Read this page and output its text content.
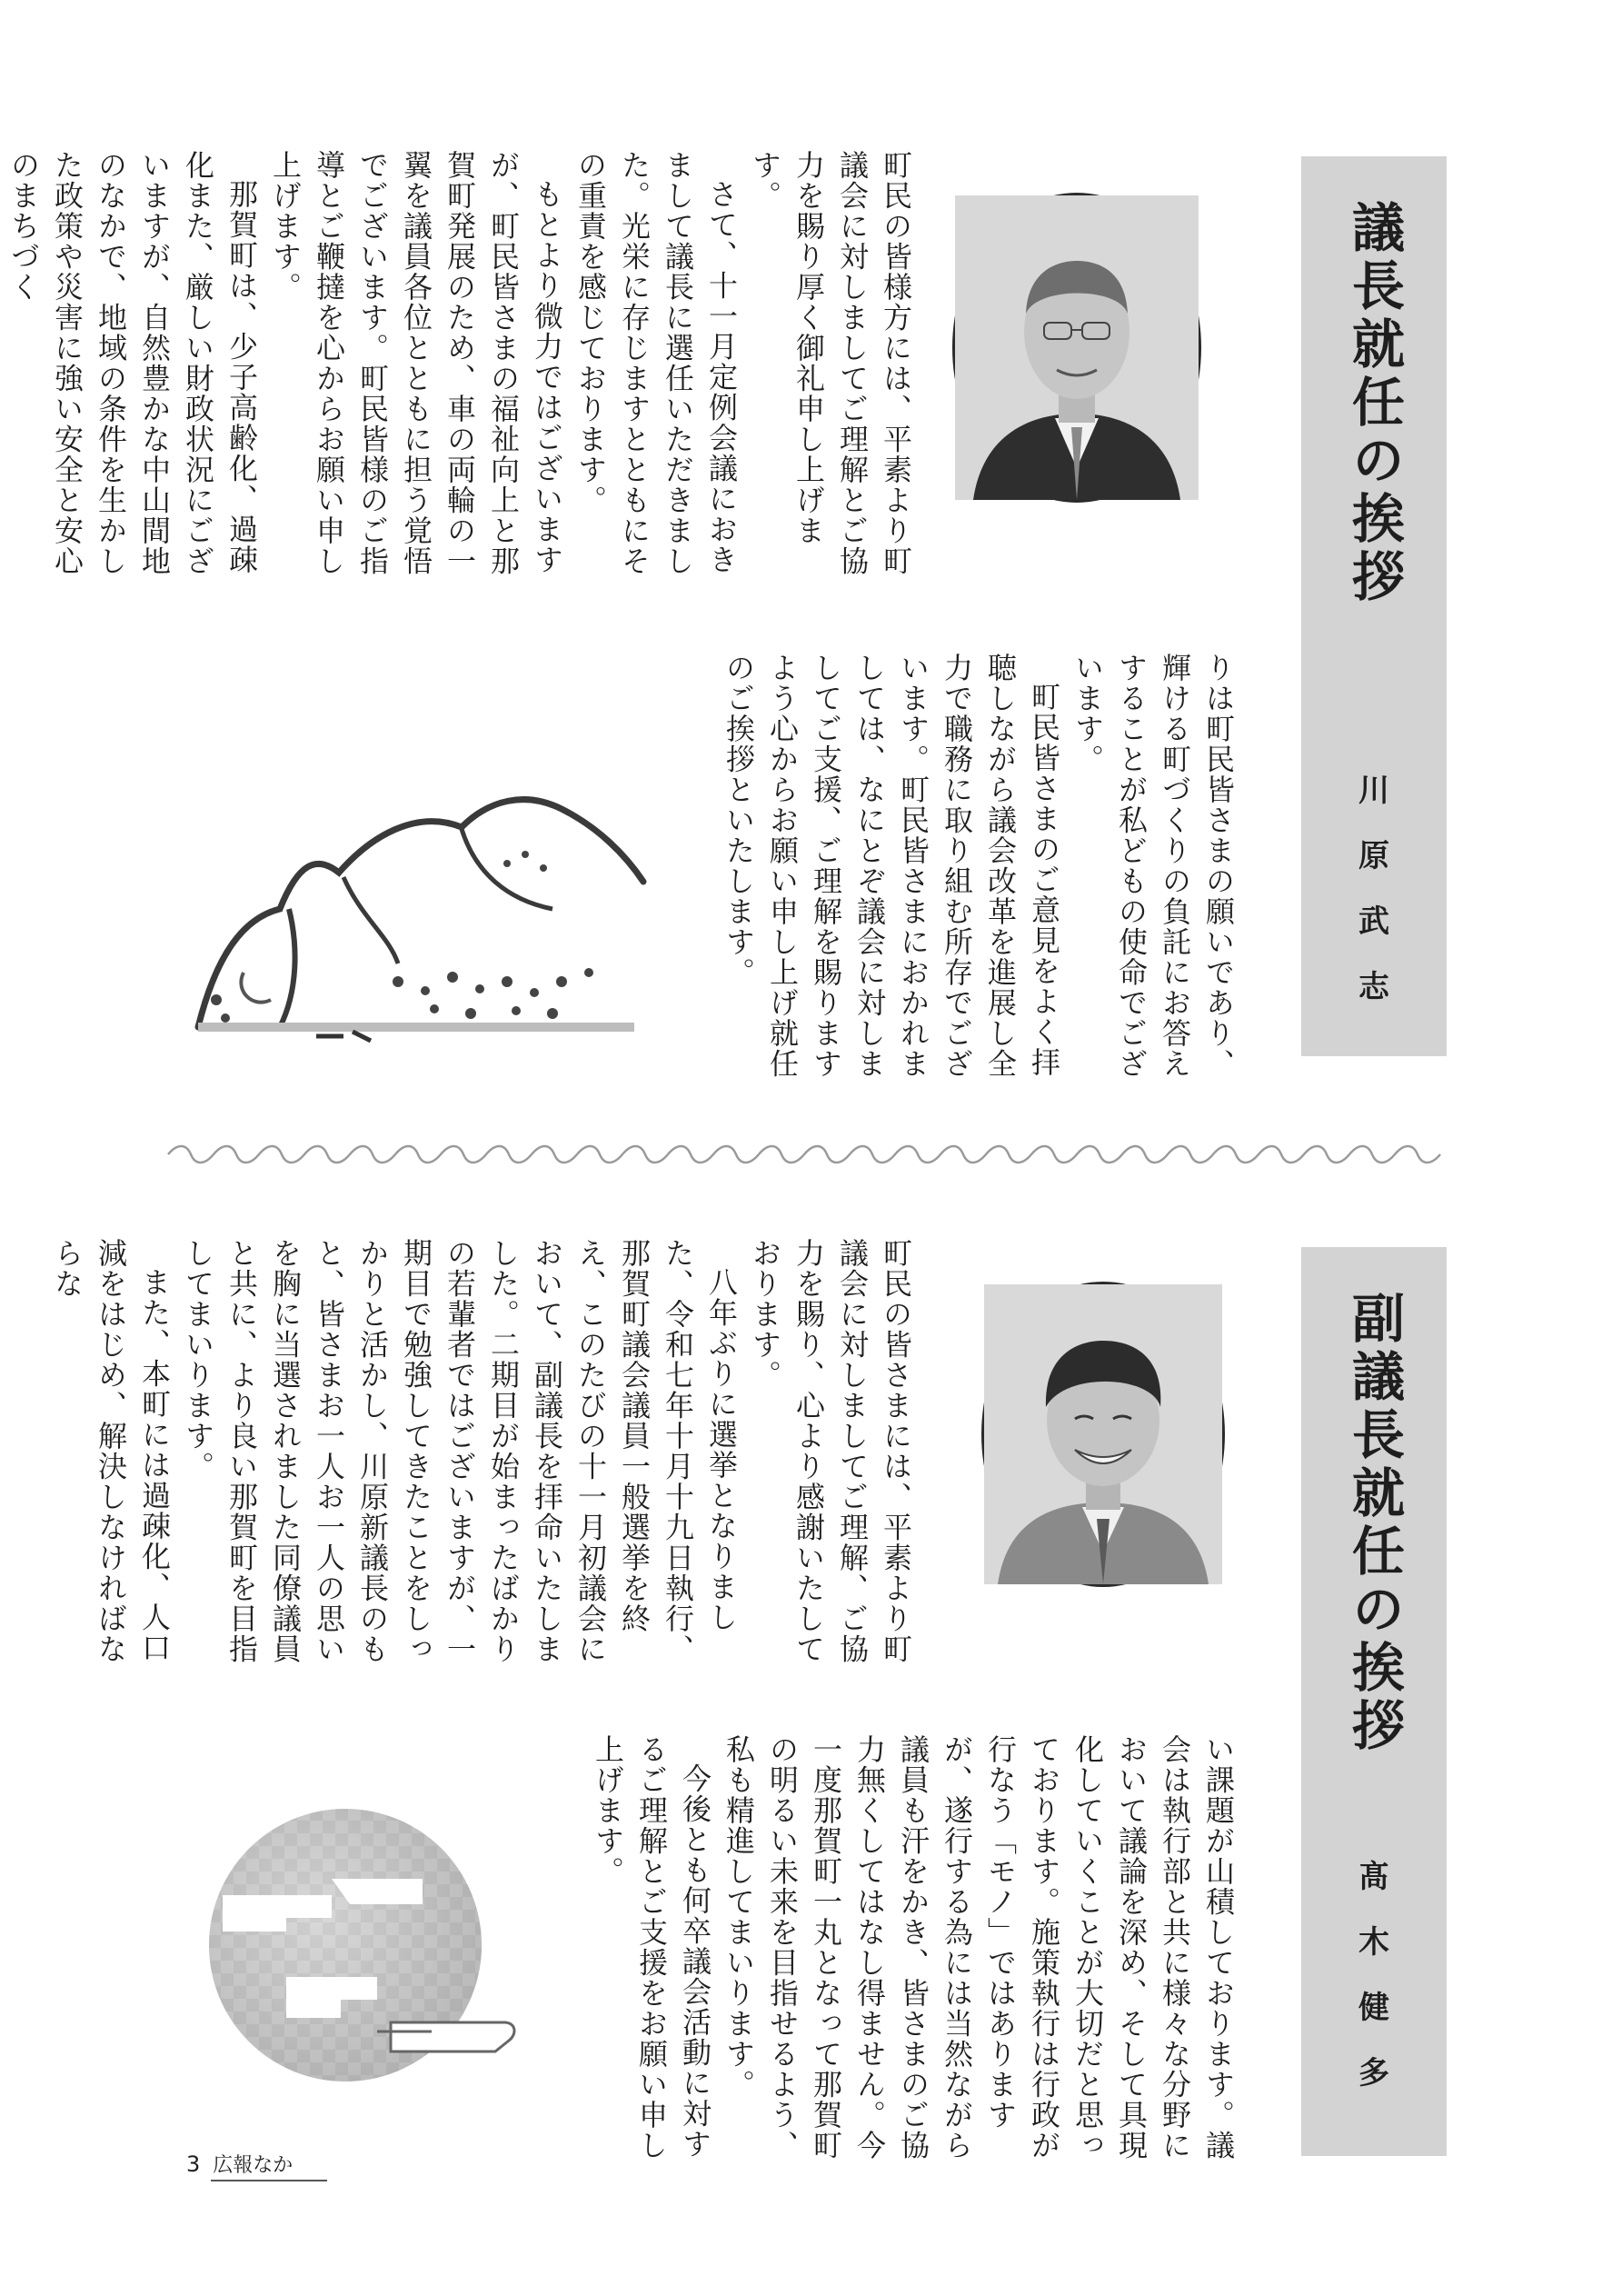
議長就任の挨拶
川
原
武
志

町民の皆様方には、平素より町議会に対しましてご理解とご協力を賜り厚く御礼申し上げます。

さて、十一月定例会議におきまして議長に選任いただきました。光栄に存じますとともにその重責を感じております。

もとより微力ではございますが、町民皆さまの福祉向上と那賀町発展のため、車の両輪の一翼を議員各位とともに担う覚悟でございます。町民皆様のご指導とご鞭撻を心からお願い申し上げます。

那賀町は、少子高齢化、過疎化また、厳しい財政状況にございますが、自然豊かな中山間地のなかで、地域の条件を生かした政策や災害に強い安全と安心のまちづく

りは町民皆さまの願いであり、輝ける町づくりの負託にお答えすることが私どもの使命でございます。

町民皆さまのご意見をよく拝聴しながら議会改革を進展し全力で職務に取り組む所存でございます。町民皆さまにおかれましては、なにとぞ議会に対しましてご支援、ご理解を賜りますよう心からお願い申し上げ就任のご挨拶といたします。

副議長就任の挨拶
髙
木
健
多

町民の皆さまには、平素より町議会に対しましてご理解、ご協力を賜り、心より感謝いたしております。

八年ぶりに選挙となりました、令和七年十月十九日執行、那賀町議会議員一般選挙を終え、このたびの十一月初議会において、副議長を拝命いたしました。二期目が始まったばかりの若輩者ではございますが、一期目で勉強してきたことをしっかりと活かし、川原新議長のもと、皆さまお一人お一人の思いを胸に当選されました同僚議員と共に、より良い那賀町を目指してまいります。

また、本町には過疎化、人口減をはじめ、解決しなければならな

い課題が山積しております。議会は執行部と共に様々な分野において議論を深め、そして具現化していくことが大切だと思っております。施策執行は行政が行なう「モノ」ではありますが、遂行する為には当然ながら議員も汗をかき、皆さまのご協力無くしてはなし得ません。今一度那賀町一丸となって那賀町の明るい未来を目指せるよう、私も精進してまいります。

今後とも何卒議会活動に対するご理解とご支援をお願い申し上げます。

3 広報なか
